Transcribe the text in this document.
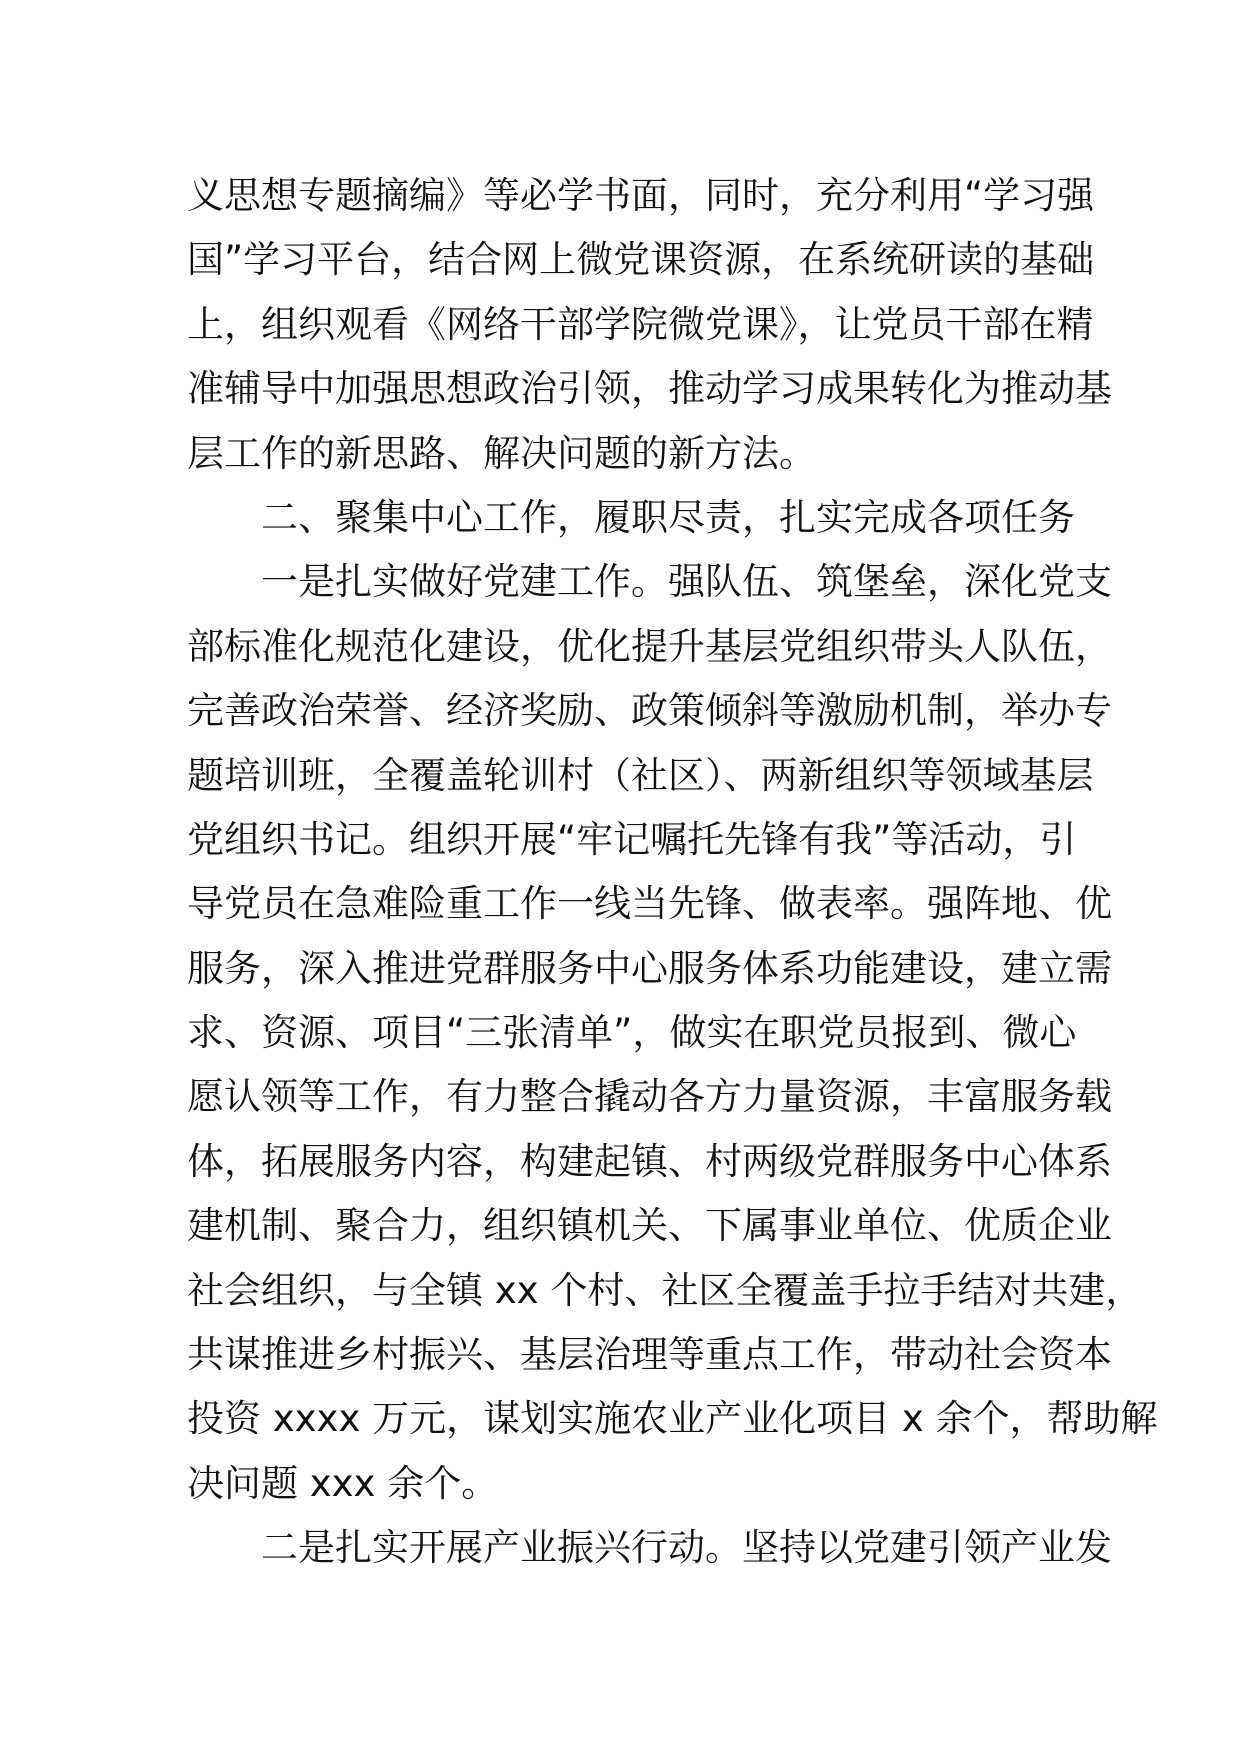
义思想专题摘编》等必学书面，同时，充分利用“学习强
国”学习平台，结合网上微党课资源，在系统研读的基础
上，组织观看《网络干部学院微党课》，让党员干部在精
准辅导中加强思想政治引领，推动学习成果转化为推动基
层工作的新思路、解决问题的新方法。
二、聚集中心工作，履职尽责，扎实完成各项任务
一是扎实做好党建工作。强队伍、筑堡垒，深化党支
部标准化规范化建设，优化提升基层党组织带头人队伍，
完善政治荣誉、经济奖励、政策倾斜等激励机制，举办专
题培训班，全覆盖轮训村（社区）、两新组织等领域基层
党组织书记。组织开展“牢记嘱托先锋有我”等活动，引
导党员在急难险重工作一线当先锋、做表率。强阵地、优
服务，深入推进党群服务中心服务体系功能建设，建立需
求、资源、项目“三张清单”，做实在职党员报到、微心
愿认领等工作，有力整合撬动各方力量资源，丰富服务载
体，拓展服务内容，构建起镇、村两级党群服务中心体系
建机制、聚合力，组织镇机关、下属事业单位、优质企业
社会组织，与全镇 xx 个村、社区全覆盖手拉手结对共建，
共谋推进乡村振兴、基层治理等重点工作，带动社会资本
投资 xxxx 万元，谋划实施农业产业化项目 x 余个，帮助解
决问题 xxx 余个。
二是扎实开展产业振兴行动。坚持以党建引领产业发
